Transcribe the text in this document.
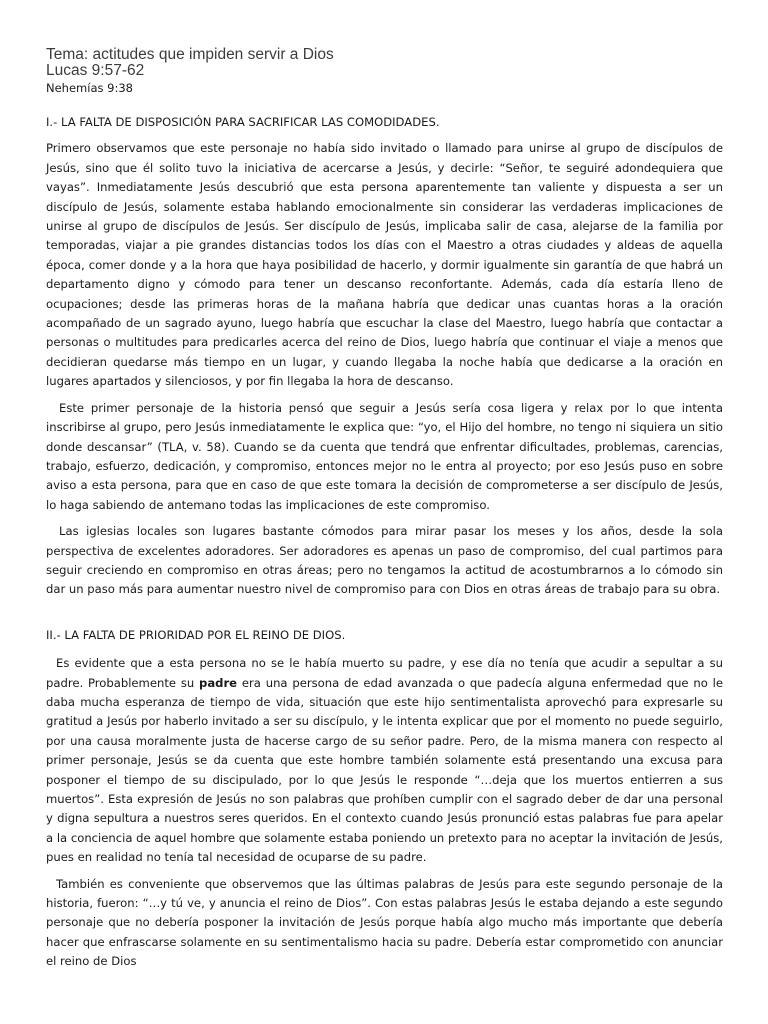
Tema: actitudes que impiden servir a Dios

Lucas 9:57-62

Nehemías 9:38

I.- LA FALTA DE DISPOSICIÓN PARA SACRIFICAR LAS COMODIDADES.

Primero observamos que este personaje no había sido invitado o llamado para unirse al grupo de discípulos de Jesús, sino que él solito tuvo la iniciativa de acercarse a Jesús, y decirle: “Señor, te seguiré adondequiera que vayas”. Inmediatamente Jesús descubrió que esta persona aparentemente tan valiente y dispuesta a ser un discípulo de Jesús, solamente estaba hablando emocionalmente sin considerar las verdaderas implicaciones de unirse al grupo de discípulos de Jesús. Ser discípulo de Jesús, implicaba salir de casa, alejarse de la familia por temporadas, viajar a pie grandes distancias todos los días con el Maestro a otras ciudades y aldeas de aquella época, comer donde y a la hora que haya posibilidad de hacerlo, y dormir igualmente sin garantía de que habrá un departamento digno y cómodo para tener un descanso reconfortante. Además, cada día estaría lleno de ocupaciones; desde las primeras horas de la mañana habría que dedicar unas cuantas horas a la oración acompañado de un sagrado ayuno, luego habría que escuchar la clase del Maestro, luego habría que contactar a personas o multitudes para predicarles acerca del reino de Dios, luego habría que continuar el viaje a menos que decidieran quedarse más tiempo en un lugar, y cuando llegaba la noche había que dedicarse a la oración en lugares apartados y silenciosos, y por fin llegaba la hora de descanso.

Este primer personaje de la historia pensó que seguir a Jesús sería cosa ligera y relax por lo que intenta inscribirse al grupo, pero Jesús inmediatamente le explica que: “yo, el Hijo del hombre, no tengo ni siquiera un sitio donde descansar” (TLA, v. 58). Cuando se da cuenta que tendrá que enfrentar dificultades, problemas, carencias, trabajo, esfuerzo, dedicación, y compromiso, entonces mejor no le entra al proyecto; por eso Jesús puso en sobre aviso a esta persona, para que en caso de que este tomara la decisión de comprometerse a ser discípulo de Jesús, lo haga sabiendo de antemano todas las implicaciones de este compromiso.

Las iglesias locales son lugares bastante cómodos para mirar pasar los meses y los años, desde la sola perspectiva de excelentes adoradores. Ser adoradores es apenas un paso de compromiso, del cual partimos para seguir creciendo en compromiso en otras áreas; pero no tengamos la actitud de acostumbrarnos a lo cómodo sin dar un paso más para aumentar nuestro nivel de compromiso para con Dios en otras áreas de trabajo para su obra.

II.- LA FALTA DE PRIORIDAD POR EL REINO DE DIOS.

Es evidente que a esta persona no se le había muerto su padre, y ese día no tenía que acudir a sepultar a su padre. Probablemente su padre era una persona de edad avanzada o que padecía alguna enfermedad que no le daba mucha esperanza de tiempo de vida, situación que este hijo sentimentalista aprovechó para expresarle su gratitud a Jesús por haberlo invitado a ser su discípulo, y le intenta explicar que por el momento no puede seguirlo, por una causa moralmente justa de hacerse cargo de su señor padre. Pero, de la misma manera con respecto al primer personaje, Jesús se da cuenta que este hombre también solamente está presentando una excusa para posponer el tiempo de su discipulado, por lo que Jesús le responde “…deja que los muertos entierren a sus muertos”. Esta expresión de Jesús no son palabras que prohíben cumplir con el sagrado deber de dar una personal y digna sepultura a nuestros seres queridos. En el contexto cuando Jesús pronunció estas palabras fue para apelar a la conciencia de aquel hombre que solamente estaba poniendo un pretexto para no aceptar la invitación de Jesús, pues en realidad no tenía tal necesidad de ocuparse de su padre.

También es conveniente que observemos que las últimas palabras de Jesús para este segundo personaje de la historia, fueron: “…y tú ve, y anuncia el reino de Dios”. Con estas palabras Jesús le estaba dejando a este segundo personaje que no debería posponer la invitación de Jesús porque había algo mucho más importante que debería hacer que enfrascarse solamente en su sentimentalismo hacia su padre. Debería estar comprometido con anunciar el reino de Dios
